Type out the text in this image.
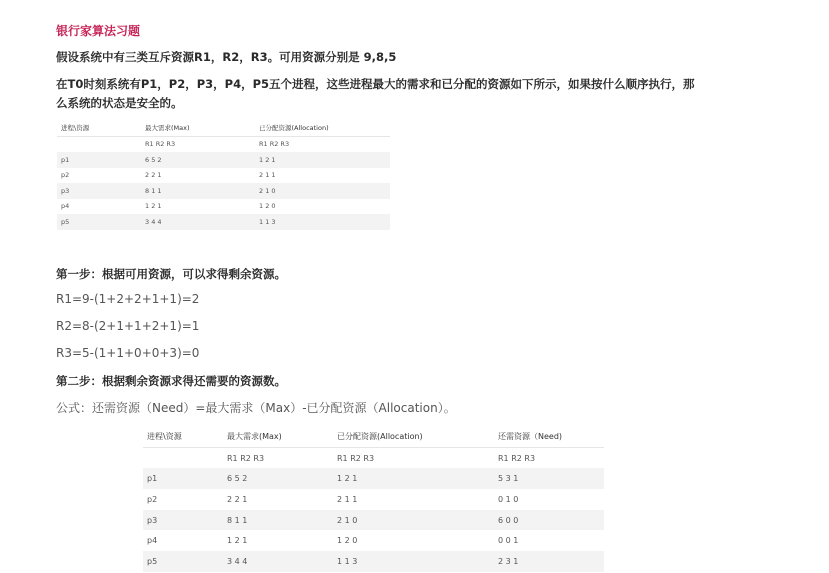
银行家算法习题
假设系统中有三类互斥资源R1，R2，R3。可用资源分别是 9,8,5
在T0时刻系统有P1，P2，P3，P4，P5五个进程，这些进程最大的需求和已分配的资源如下所示，如果按什么顺序执行，那么系统的状态是安全的。
进程\资源	最大需求(Max)	已分配资源(Allocation)
	R1 R2 R3	R1 R2 R3
p1	6 5 2	1 2 1
p2	2 2 1	2 1 1
p3	8 1 1	2 1 0
p4	1 2 1	1 2 0
p5	3 4 4	1 1 3
第一步：根据可用资源，可以求得剩余资源。
R1=9-(1+2+2+1+1)=2
R2=8-(2+1+1+2+1)=1
R3=5-(1+1+0+0+3)=0
第二步：根据剩余资源求得还需要的资源数。
公式：还需资源（Need）=最大需求（Max）-已分配资源（Allocation）。
进程\资源	最大需求(Max)	已分配资源(Allocation)	还需资源（Need)
	R1 R2 R3	R1 R2 R3	R1 R2 R3
p1	6 5 2	1 2 1	5 3 1
p2	2 2 1	2 1 1	0 1 0
p3	8 1 1	2 1 0	6 0 0
p4	1 2 1	1 2 0	0 0 1
p5	3 4 4	1 1 3	2 3 1
